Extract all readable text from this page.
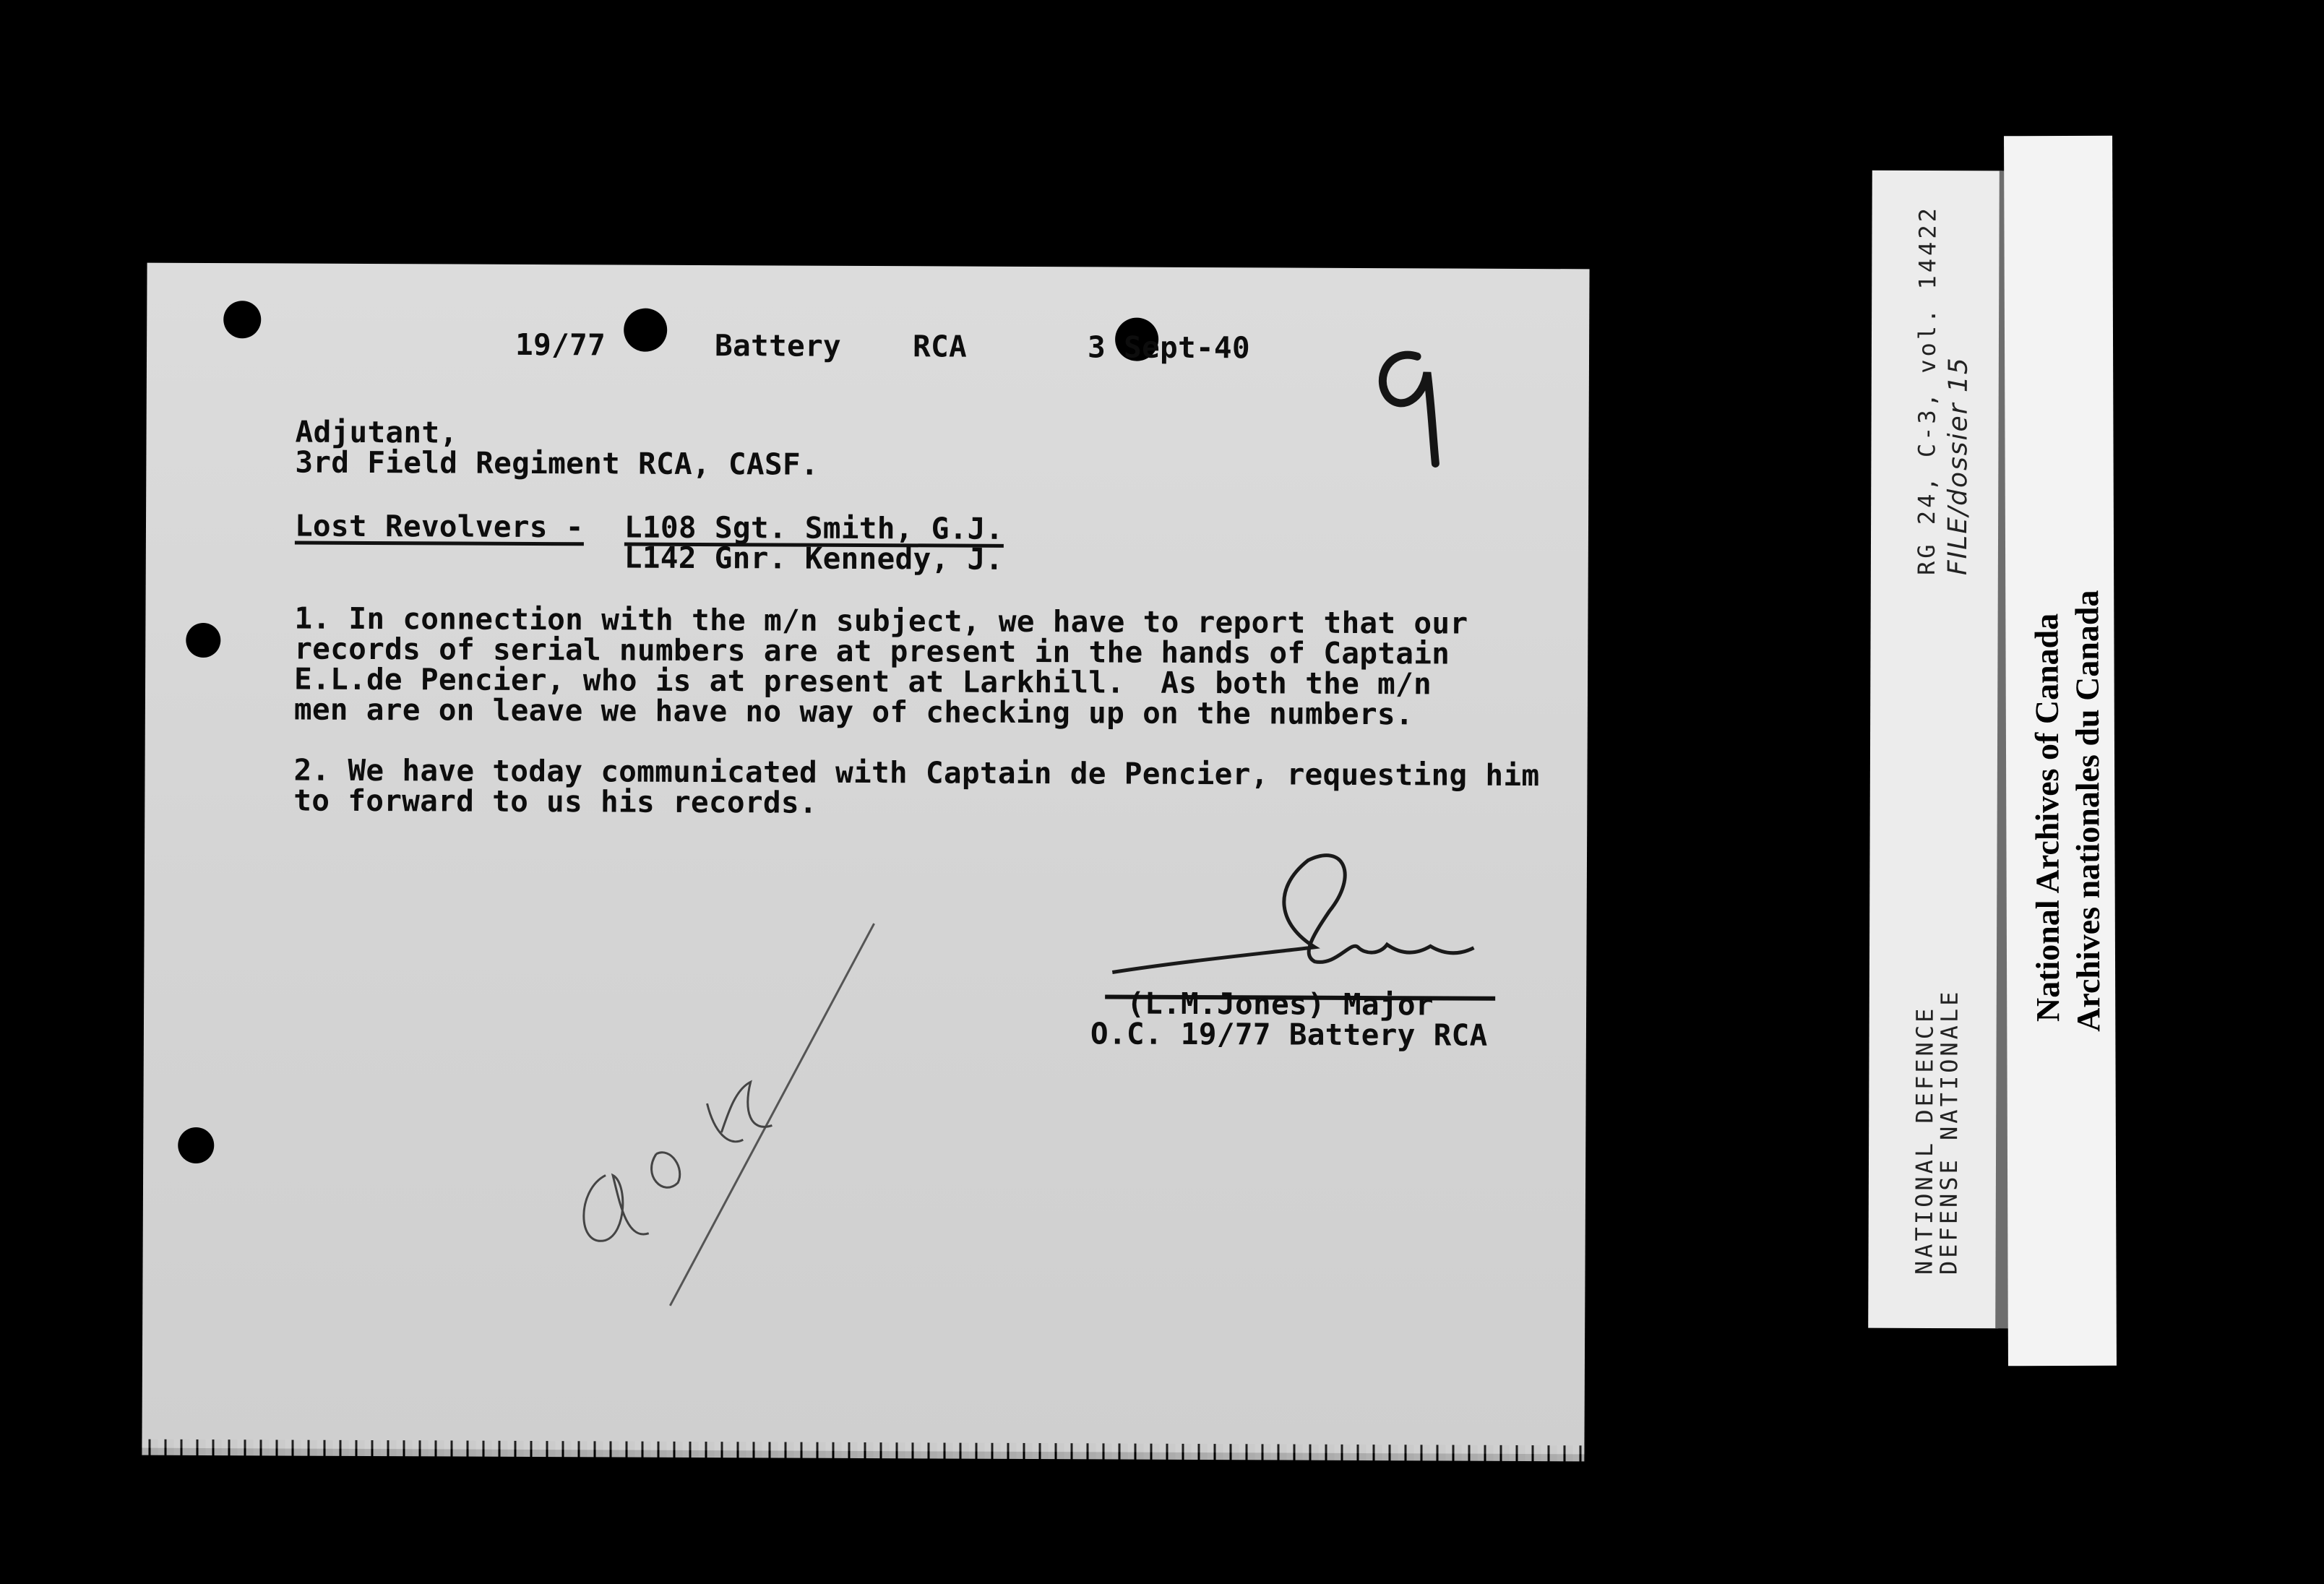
19/77	Battery RCA	3 Sept-40
Adjutant,
3rd Field Regiment RCA, CASF.
Lost Revolvers - L108 Sgt. Smith, G.J.
L142 Gnr. Kennedy, J.
1. In connection with the m/n subject, we have to report that our
records of serial numbers are at present in the hands of Captain
E.L.de Pencier, who is at present at Larkhill.  As both the m/n
men are on leave we have no way of checking up on the numbers.
2. We have today communicated with Captain de Pencier, requesting him
to forward to us his records.
(L.M.Jones) Major
O.C. 19/77 Battery RCA
RG 24, C-3, vol. 14422 FILE/dossier 15
NATIONAL DEFENCE
DEFENSE NATIONALE
National Archives of Canada Archives nationales du Canada
